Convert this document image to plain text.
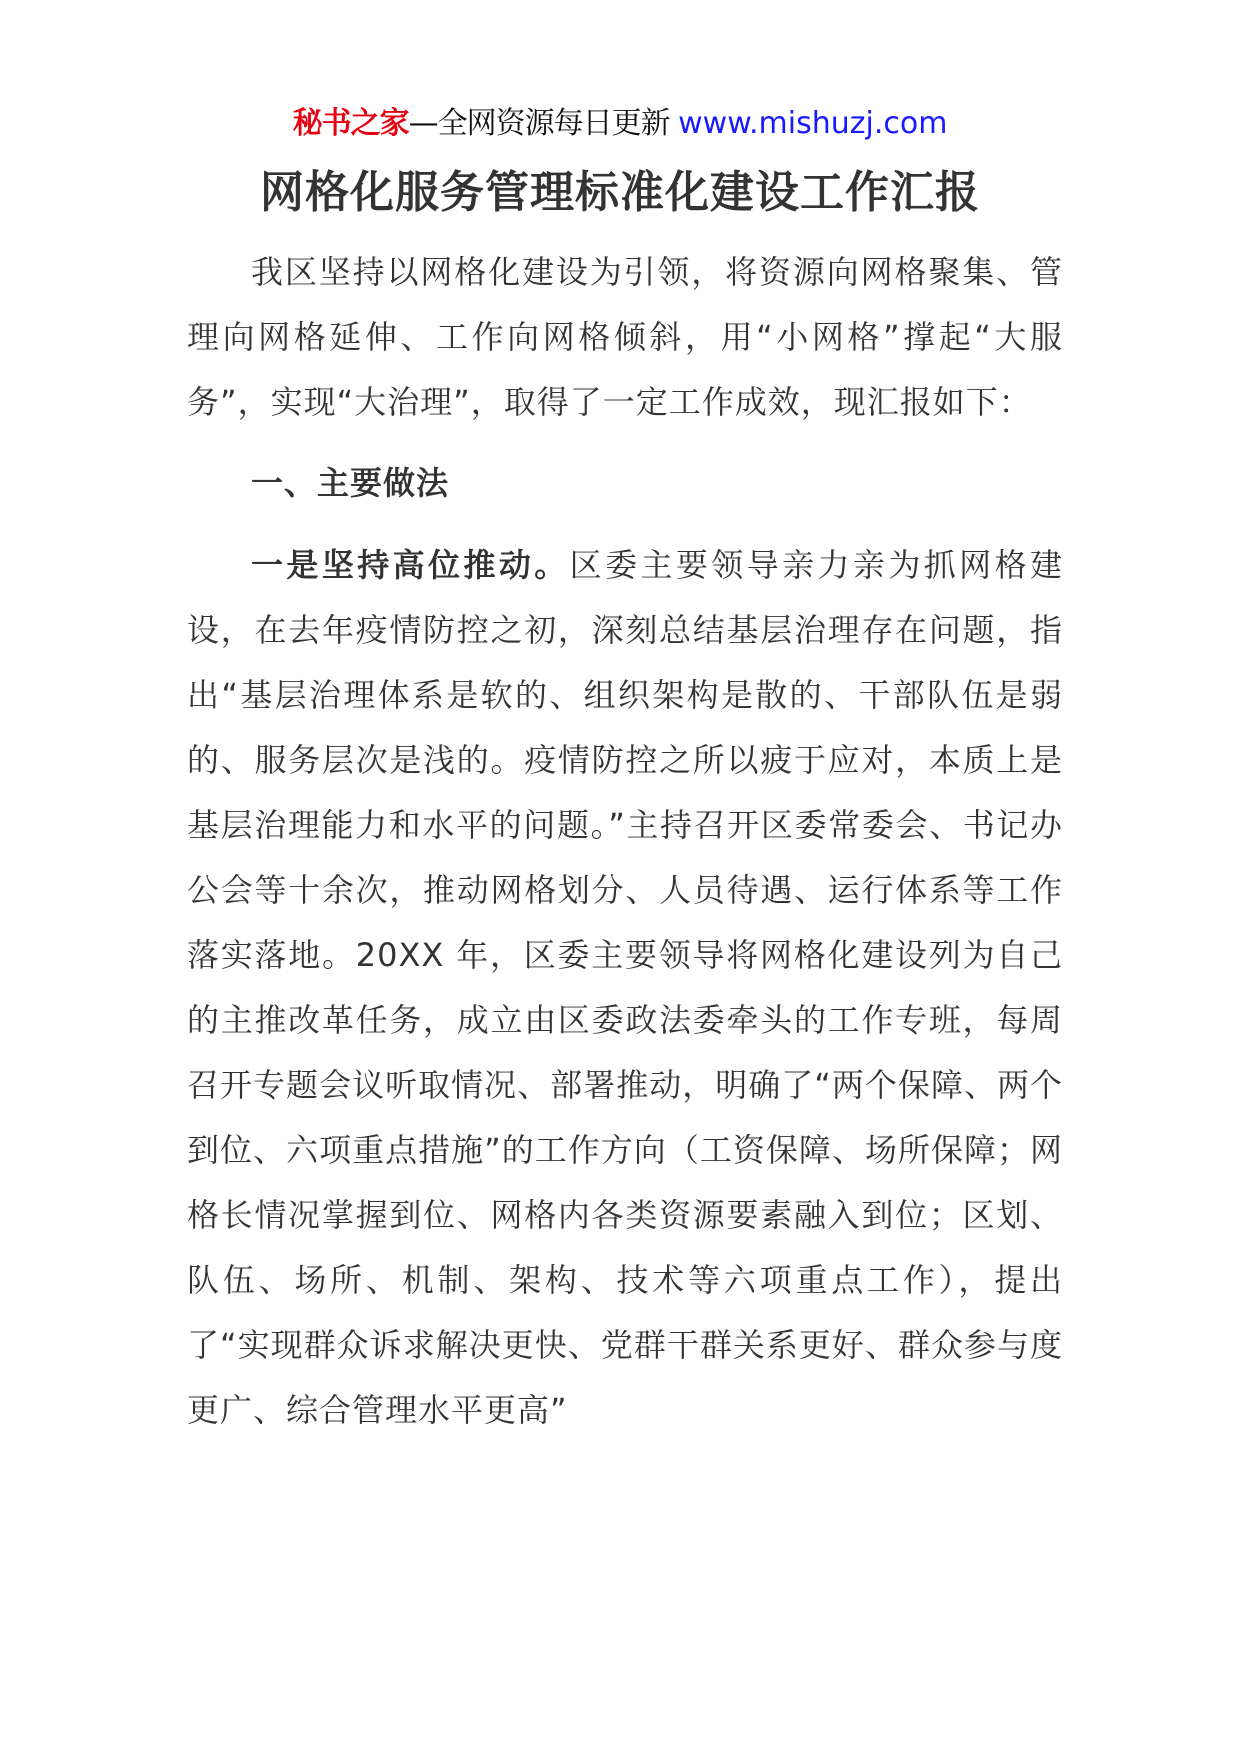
秘书之家—全网资源每日更新 www.mishuzj.com
网格化服务管理标准化建设工作汇报

我区坚持以网格化建设为引领，将资源向网格聚集、管理向网格延伸、工作向网格倾斜，用“小网格”撑起“大服务”，实现“大治理”，取得了一定工作成效，现汇报如下：

一、主要做法

一是坚持高位推动。区委主要领导亲力亲为抓网格建设，在去年疫情防控之初，深刻总结基层治理存在问题，指出“基层治理体系是软的、组织架构是散的、干部队伍是弱的、服务层次是浅的。疫情防控之所以疲于应对，本质上是基层治理能力和水平的问题。”主持召开区委常委会、书记办公会等十余次，推动网格划分、人员待遇、运行体系等工作落实落地。20XX 年，区委主要领导将网格化建设列为自己的主推改革任务，成立由区委政法委牵头的工作专班，每周召开专题会议听取情况、部署推动，明确了“两个保障、两个到位、六项重点措施”的工作方向（工资保障、场所保障；网格长情况掌握到位、网格内各类资源要素融入到位；区划、队伍、场所、机制、架构、技术等六项重点工作），提出了“实现群众诉求解决更快、党群干群关系更好、群众参与度更广、综合管理水平更高”
